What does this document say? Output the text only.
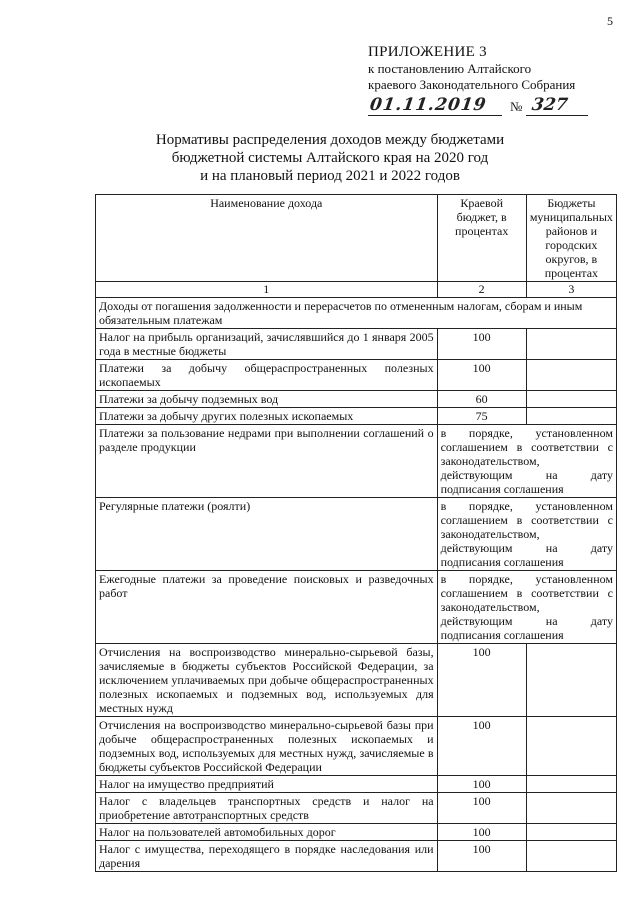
5
ПРИЛОЖЕНИЕ 3
к постановлению Алтайского
краевого Законодательного Собрания
01.11.2019 № 327
Нормативы распределения доходов между бюджетами
бюджетной системы Алтайского края на 2020 год
и на плановый период 2021 и 2022 годов
Наименование дохода	Краевой бюджет, в процентах	Бюджеты муниципальных районов и городских округов, в процентах
1	2	3
Доходы от погашения задолженности и перерасчетов по отмененным налогам, сборам и иным обязательным платежам		
Налог на прибыль организаций, зачислявшийся до 1 января 2005 года в местные бюджеты	100	
Платежи за добычу общераспространенных полезных ископаемых	100	
Платежи за добычу подземных вод	60	
Платежи за добычу других полезных ископаемых	75	
Платежи за пользование недрами при выполнении соглашений о разделе продукции	в порядке, установленном соглашением в соответствии с законодательством, действующим на дату подписания соглашения	
Регулярные платежи (роялти)	в порядке, установленном соглашением в соответствии с законодательством, действующим на дату подписания соглашения	
Ежегодные платежи за проведение поисковых и разведочных работ	в порядке, установленном соглашением в соответствии с законодательством, действующим на дату подписания соглашения	
Отчисления на воспроизводство минерально-сырьевой базы, зачисляемые в бюджеты субъектов Российской Федерации, за исключением уплачиваемых при добыче общераспространенных полезных ископаемых и подземных вод, используемых для местных нужд	100	
Отчисления на воспроизводство минерально-сырьевой базы при добыче общераспространенных полезных ископаемых и подземных вод, используемых для местных нужд, зачисляемые в бюджеты субъектов Российской Федерации	100	
Налог на имущество предприятий	100	
Налог с владельцев транспортных средств и налог на приобретение автотранспортных средств	100	
Налог на пользователей автомобильных дорог	100	
Налог с имущества, переходящего в порядке наследования или дарения	100	
